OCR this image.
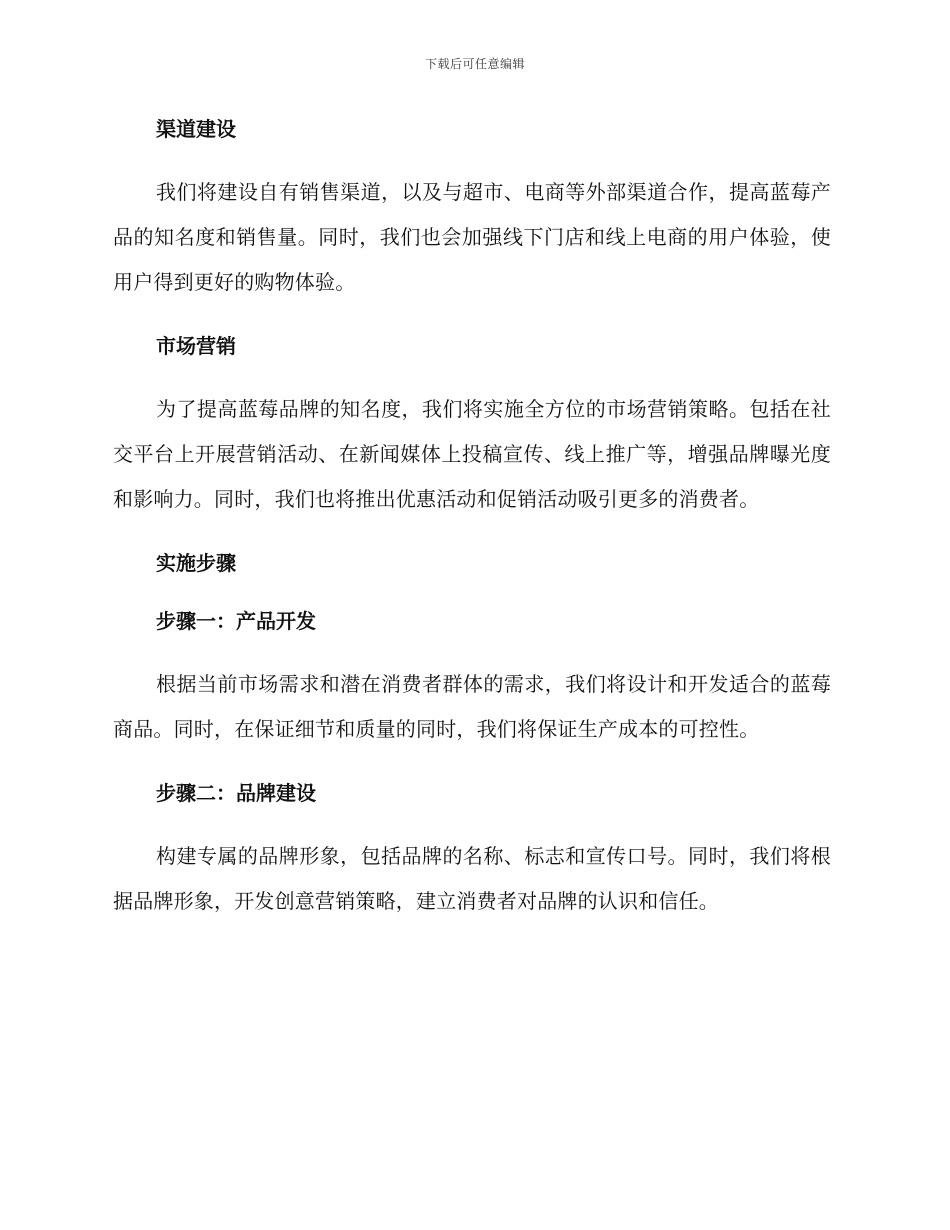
下载后可任意编辑
渠道建设

我们将建设自有销售渠道，以及与超市、电商等外部渠道合作，提高蓝莓产品的知名度和销售量。同时，我们也会加强线下门店和线上电商的用户体验，使用户得到更好的购物体验。

市场营销

为了提高蓝莓品牌的知名度，我们将实施全方位的市场营销策略。包括在社交平台上开展营销活动、在新闻媒体上投稿宣传、线上推广等，增强品牌曝光度和影响力。同时，我们也将推出优惠活动和促销活动吸引更多的消费者。

实施步骤
步骤一：产品开发

根据当前市场需求和潜在消费者群体的需求，我们将设计和开发适合的蓝莓商品。同时，在保证细节和质量的同时，我们将保证生产成本的可控性。

步骤二：品牌建设

构建专属的品牌形象，包括品牌的名称、标志和宣传口号。同时，我们将根据品牌形象，开发创意营销策略，建立消费者对品牌的认识和信任。
